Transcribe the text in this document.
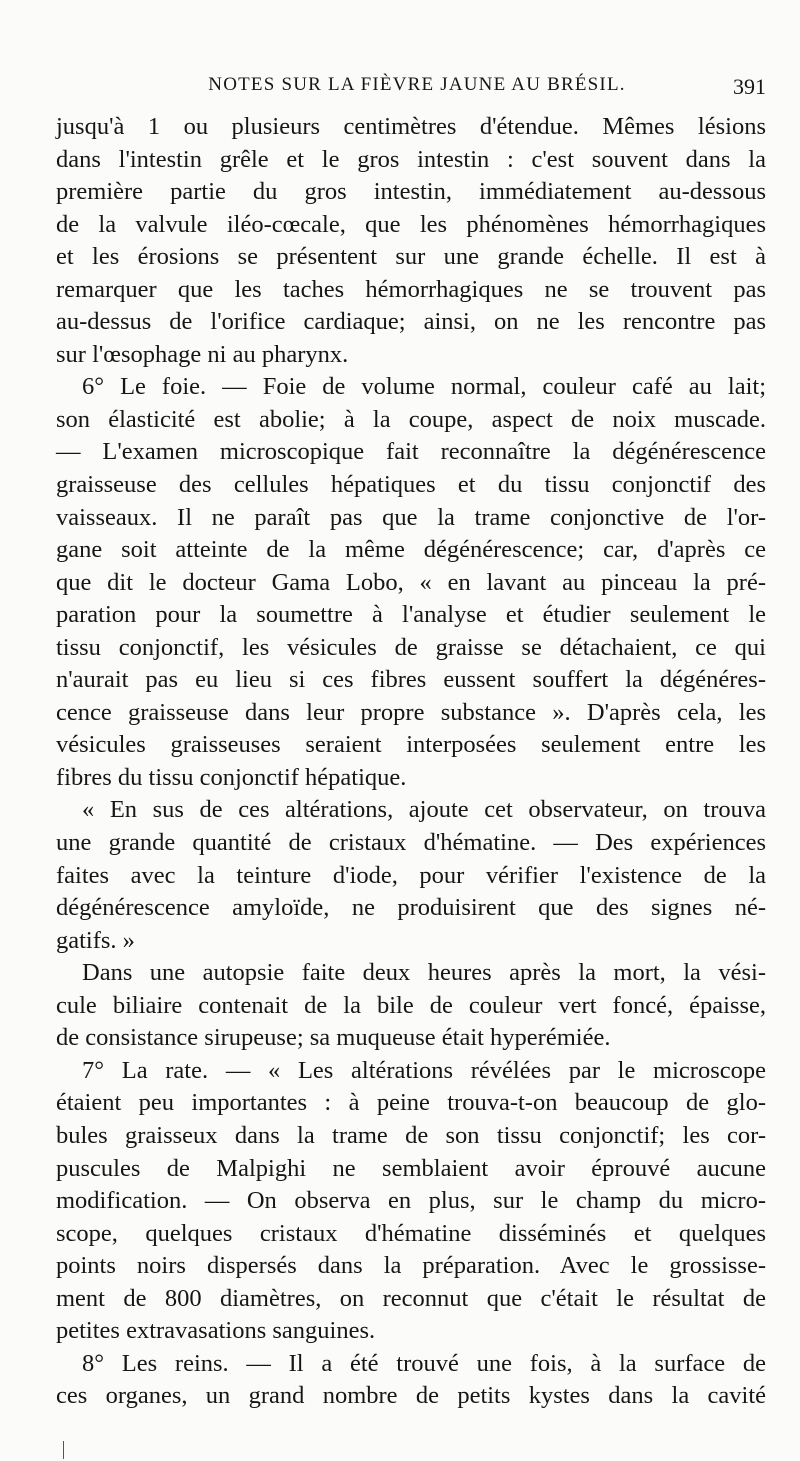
NOTES SUR LA FIÈVRE JAUNE AU BRÉSIL.	391
jusqu'à 1 ou plusieurs centimètres d'étendue. Mêmes lésions
dans l'intestin grêle et le gros intestin : c'est souvent dans la
première partie du gros intestin, immédiatement au-dessous
de la valvule iléo-cœcale, que les phénomènes hémorrhagiques
et les érosions se présentent sur une grande échelle. Il est à
remarquer que les taches hémorrhagiques ne se trouvent pas
au-dessus de l'orifice cardiaque; ainsi, on ne les rencontre pas
sur l'œsophage ni au pharynx.
6° Le foie. — Foie de volume normal, couleur café au lait;
son élasticité est abolie; à la coupe, aspect de noix muscade.
— L'examen microscopique fait reconnaître la dégénérescence
graisseuse des cellules hépatiques et du tissu conjonctif des
vaisseaux. Il ne paraît pas que la trame conjonctive de l'or-
gane soit atteinte de la même dégénérescence; car, d'après ce
que dit le docteur Gama Lobo, « en lavant au pinceau la pré-
paration pour la soumettre à l'analyse et étudier seulement le
tissu conjonctif, les vésicules de graisse se détachaient, ce qui
n'aurait pas eu lieu si ces fibres eussent souffert la dégénéres-
cence graisseuse dans leur propre substance ». D'après cela, les
vésicules graisseuses seraient interposées seulement entre les
fibres du tissu conjonctif hépatique.
« En sus de ces altérations, ajoute cet observateur, on trouva
une grande quantité de cristaux d'hématine. — Des expériences
faites avec la teinture d'iode, pour vérifier l'existence de la
dégénérescence amyloïde, ne produisirent que des signes né-
gatifs. »
Dans une autopsie faite deux heures après la mort, la vési-
cule biliaire contenait de la bile de couleur vert foncé, épaisse,
de consistance sirupeuse; sa muqueuse était hyperémiée.
7° La rate. — « Les altérations révélées par le microscope
étaient peu importantes : à peine trouva-t-on beaucoup de glo-
bules graisseux dans la trame de son tissu conjonctif; les cor-
puscules de Malpighi ne semblaient avoir éprouvé aucune
modification. — On observa en plus, sur le champ du micro-
scope, quelques cristaux d'hématine disséminés et quelques
points noirs dispersés dans la préparation. Avec le grossisse-
ment de 800 diamètres, on reconnut que c'était le résultat de
petites extravasations sanguines.
8° Les reins. — Il a été trouvé une fois, à la surface de
ces organes, un grand nombre de petits kystes dans la cavité
